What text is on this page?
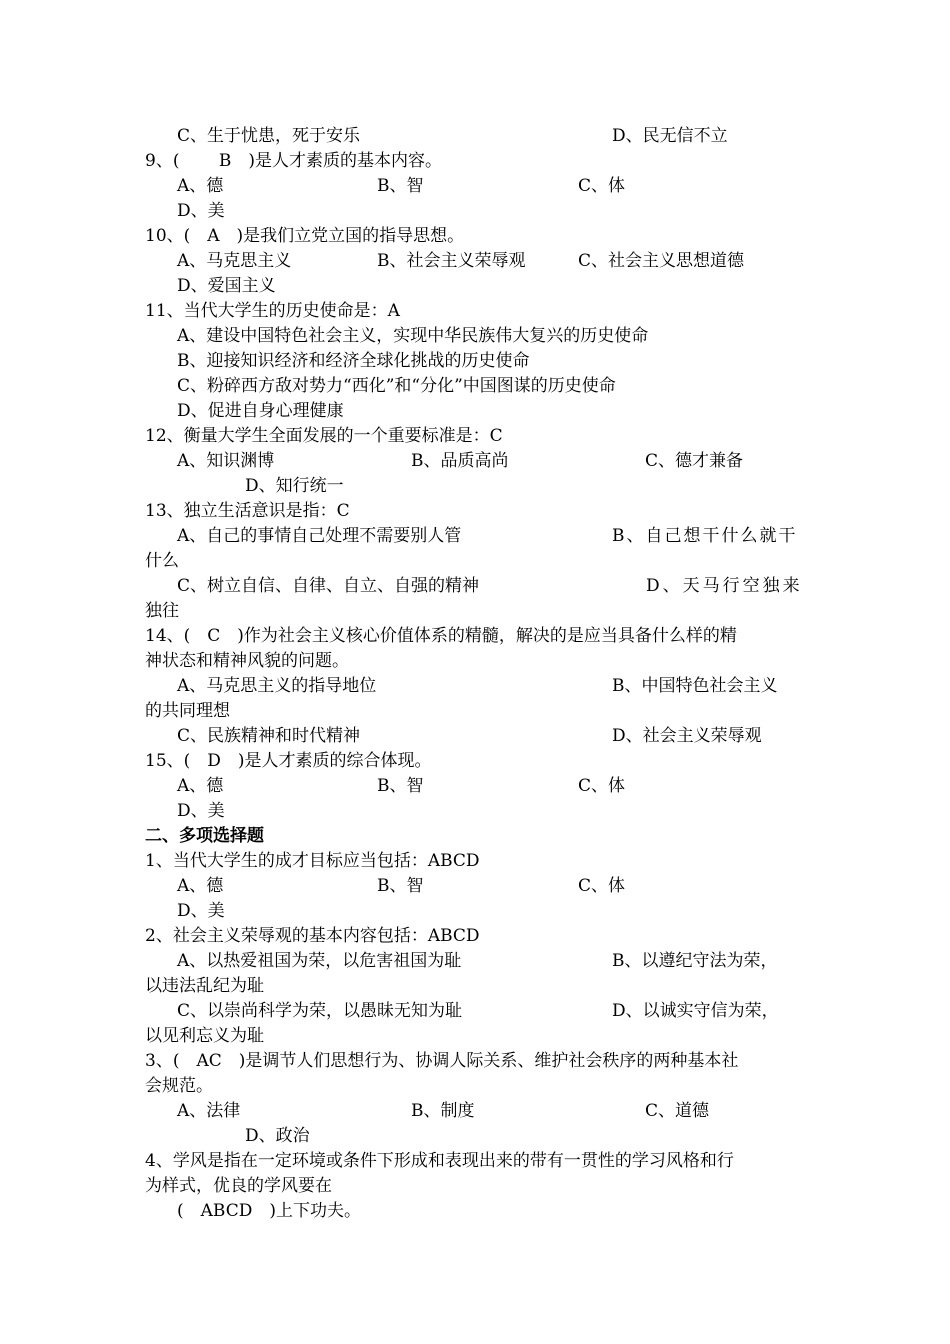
C、生于忧患，死于安乐	D、民无信不立
9、(　　 B　)是人才素质的基本内容。
A、德	B、智	C、体
D、美
10、(　A　)是我们立党立国的指导思想。
A、马克思主义	B、社会主义荣辱观	C、社会主义思想道德
D、爱国主义
11、当代大学生的历史使命是：A
A、建设中国特色社会主义，实现中华民族伟大复兴的历史使命
B、迎接知识经济和经济全球化挑战的历史使命
C、粉碎西方敌对势力“西化”和“分化”中国图谋的历史使命
D、促进自身心理健康
12、衡量大学生全面发展的一个重要标准是：C
A、知识渊博	B、品质高尚	C、德才兼备
D、知行统一
13、独立生活意识是指：C
A、自己的事情自己处理不需要别人管	B、自己想干什么就干
什么
C、树立自信、自律、自立、自强的精神	D、天马行空独来
独往
14、(　C　)作为社会主义核心价值体系的精髓，解决的是应当具备什么样的精
神状态和精神风貌的问题。
A、马克思主义的指导地位	B、中国特色社会主义
的共同理想
C、民族精神和时代精神	D、社会主义荣辱观
15、(　D　)是人才素质的综合体现。
A、德	B、智	C、体
D、美
二、多项选择题
1、当代大学生的成才目标应当包括：ABCD
A、德	B、智	C、体
D、美
2、社会主义荣辱观的基本内容包括：ABCD
A、以热爱祖国为荣，以危害祖国为耻	B、以遵纪守法为荣，
以违法乱纪为耻
C、以崇尚科学为荣，以愚昧无知为耻	D、以诚实守信为荣，
以见利忘义为耻
3、(　AC　)是调节人们思想行为、协调人际关系、维护社会秩序的两种基本社
会规范。
A、法律	B、制度	C、道德
D、政治
4、学风是指在一定环境或条件下形成和表现出来的带有一贯性的学习风格和行
为样式，优良的学风要在
(　ABCD　)上下功夫。
